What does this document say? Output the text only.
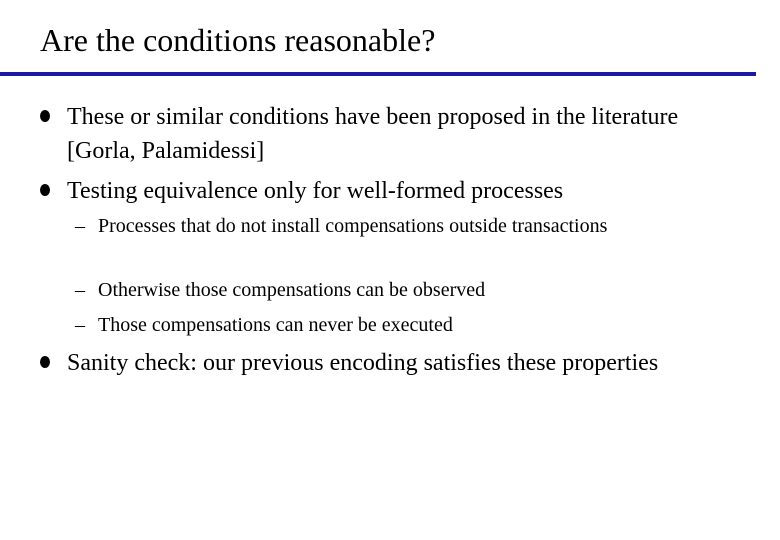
Are the conditions reasonable?
These or similar conditions have been proposed in the literature [Gorla, Palamidessi]
Testing equivalence only for well-formed processes
– Processes that do not install compensations outside transactions
– Otherwise those compensations can be observed
– Those compensations can never be executed
Sanity check: our previous encoding satisfies these properties
